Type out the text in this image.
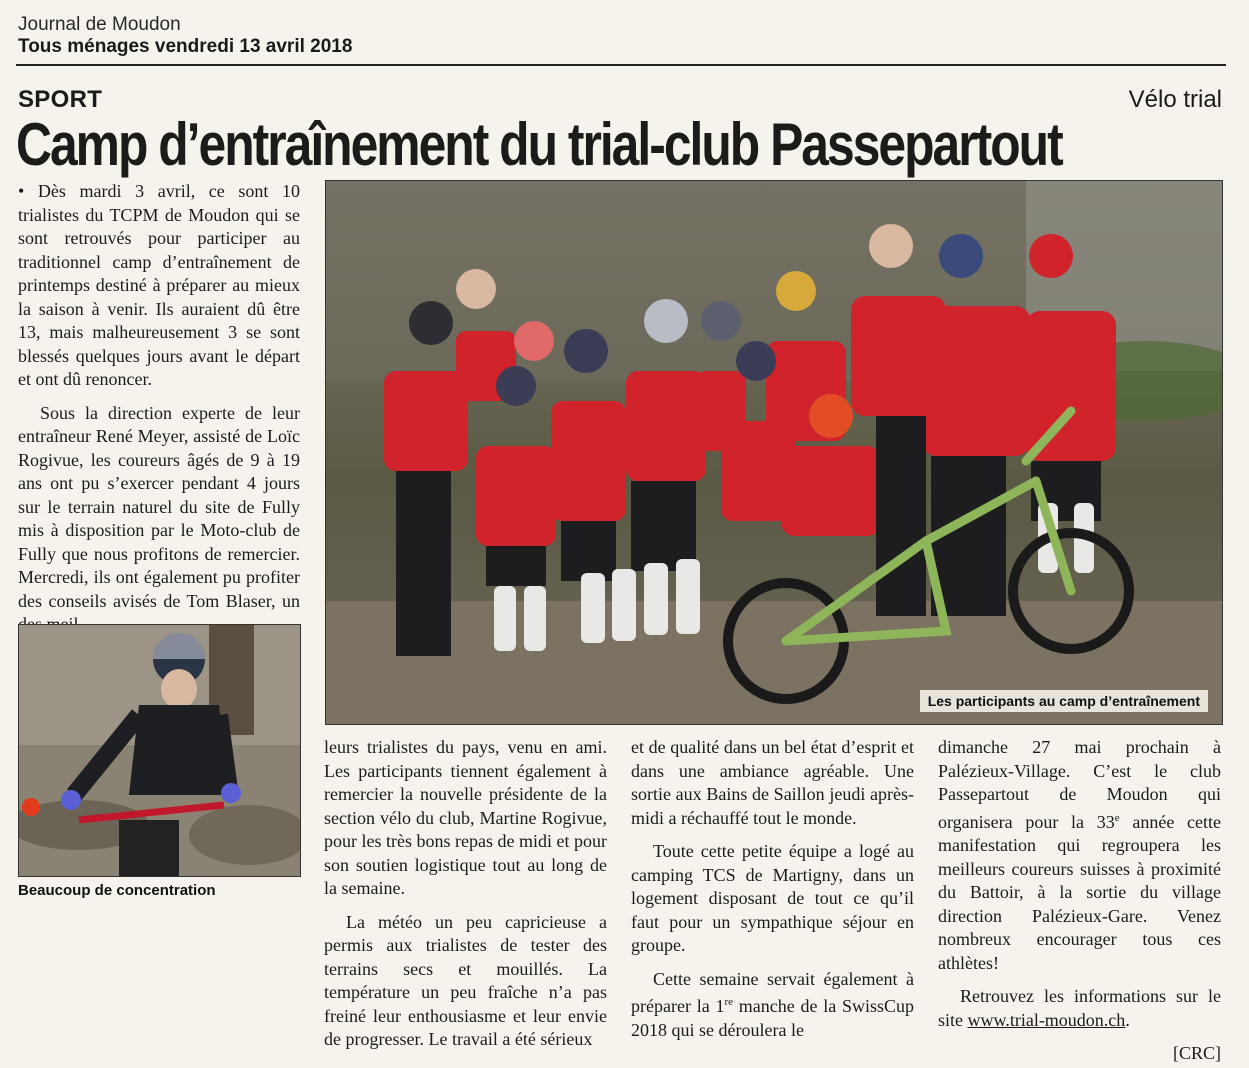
Journal de Moudon
Tous ménages vendredi 13 avril 2018
SPORT	Vélo trial
Camp d’entraînement du trial-club Passepartout

• Dès mardi 3 avril, ce sont 10 trialistes du TCPM de Moudon qui se sont retrouvés pour participer au traditionnel camp d’entraînement de printemps destiné à préparer au mieux la saison à venir. Ils auraient dû être 13, mais malheureusement 3 se sont blessés quelques jours avant le départ et ont dû renoncer.

Sous la direction experte de leur entraîneur René Meyer, assisté de Loïc Rogivue, les coureurs âgés de 9 à 19 ans ont pu s’exercer pendant 4 jours sur le terrain naturel du site de Fully mis à disposition par le Moto-club de Fully que nous profitons de remercier. Mercredi, ils ont également pu profiter des conseils avisés de Tom Blaser, un

Beaucoup de concentration
Les participants au camp d’entraînement

leurs trialistes du pays, venu en ami. Les participants tiennent également à remercier la nouvelle présidente de la section vélo du club, Martine Rogivue, pour les très bons repas de midi et pour son soutien logistique tout au long de la semaine.

La météo un peu capricieuse a permis aux trialistes de tester des terrains secs et mouillés. La température un peu fraîche n’a pas freiné leur enthousiasme et leur envie de progresser. Le travail a été sérieux

et de qualité dans un bel état d’esprit et dans une ambiance agréable. Une sortie aux Bains de Saillon jeudi après-midi a réchauffé tout le monde.

Toute cette petite équipe a logé au camping TCS de Martigny, dans un logement disposant de tout ce qu’il faut pour un sympathique séjour en groupe.

Cette semaine servait également à préparer la 1re manche de la SwissCup 2018 qui se déroulera le

dimanche 27 mai prochain à Palézieux-Village. C’est le club Passepartout de Moudon qui organisera pour la 33e année cette manifestation qui regroupera les meilleurs coureurs suisses à proximité du Battoir, à la sortie du village direction Palézieux-Gare. Venez nombreux encourager tous ces athlètes!

Retrouvez les informations sur le site www.trial-moudon.ch.

[CRC]
